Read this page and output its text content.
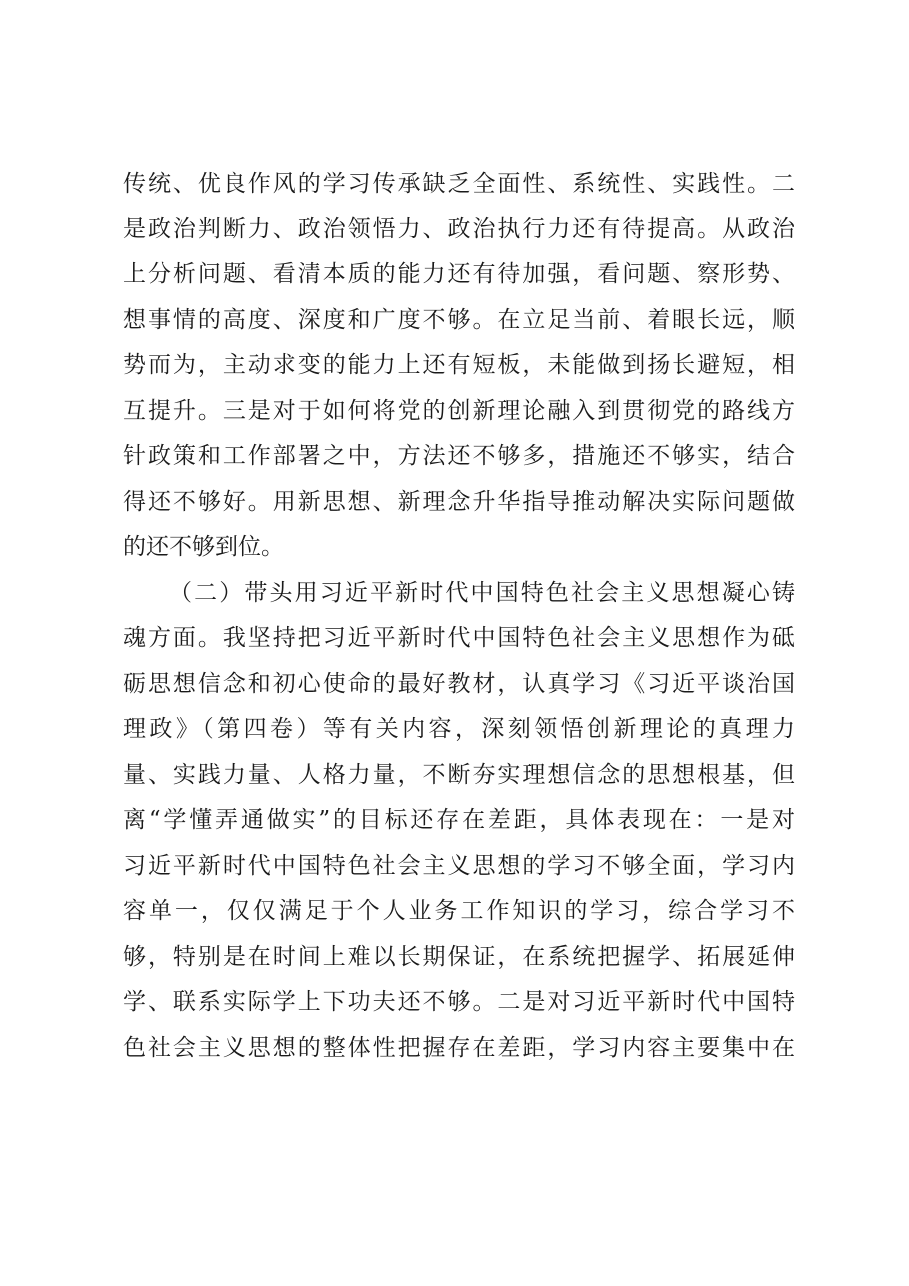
传统、优良作风的学习传承缺乏全面性、系统性、实践性。二
是政治判断力、政治领悟力、政治执行力还有待提高。从政治
上分析问题、看清本质的能力还有待加强，看问题、察形势、
想事情的高度、深度和广度不够。在立足当前、着眼长远，顺
势而为，主动求变的能力上还有短板，未能做到扬长避短，相
互提升。三是对于如何将党的创新理论融入到贯彻党的路线方
针政策和工作部署之中，方法还不够多，措施还不够实，结合
得还不够好。用新思想、新理念升华指导推动解决实际问题做
的还不够到位。
（二）带头用习近平新时代中国特色社会主义思想凝心铸
魂方面。我坚持把习近平新时代中国特色社会主义思想作为砥
砺思想信念和初心使命的最好教材，认真学习《习近平谈治国
理政》（第四卷）等有关内容，深刻领悟创新理论的真理力
量、实践力量、人格力量，不断夯实理想信念的思想根基，但
离“学懂弄通做实”的目标还存在差距，具体表现在：一是对
习近平新时代中国特色社会主义思想的学习不够全面，学习内
容单一，仅仅满足于个人业务工作知识的学习，综合学习不
够，特别是在时间上难以长期保证，在系统把握学、拓展延伸
学、联系实际学上下功夫还不够。二是对习近平新时代中国特
色社会主义思想的整体性把握存在差距，学习内容主要集中在
